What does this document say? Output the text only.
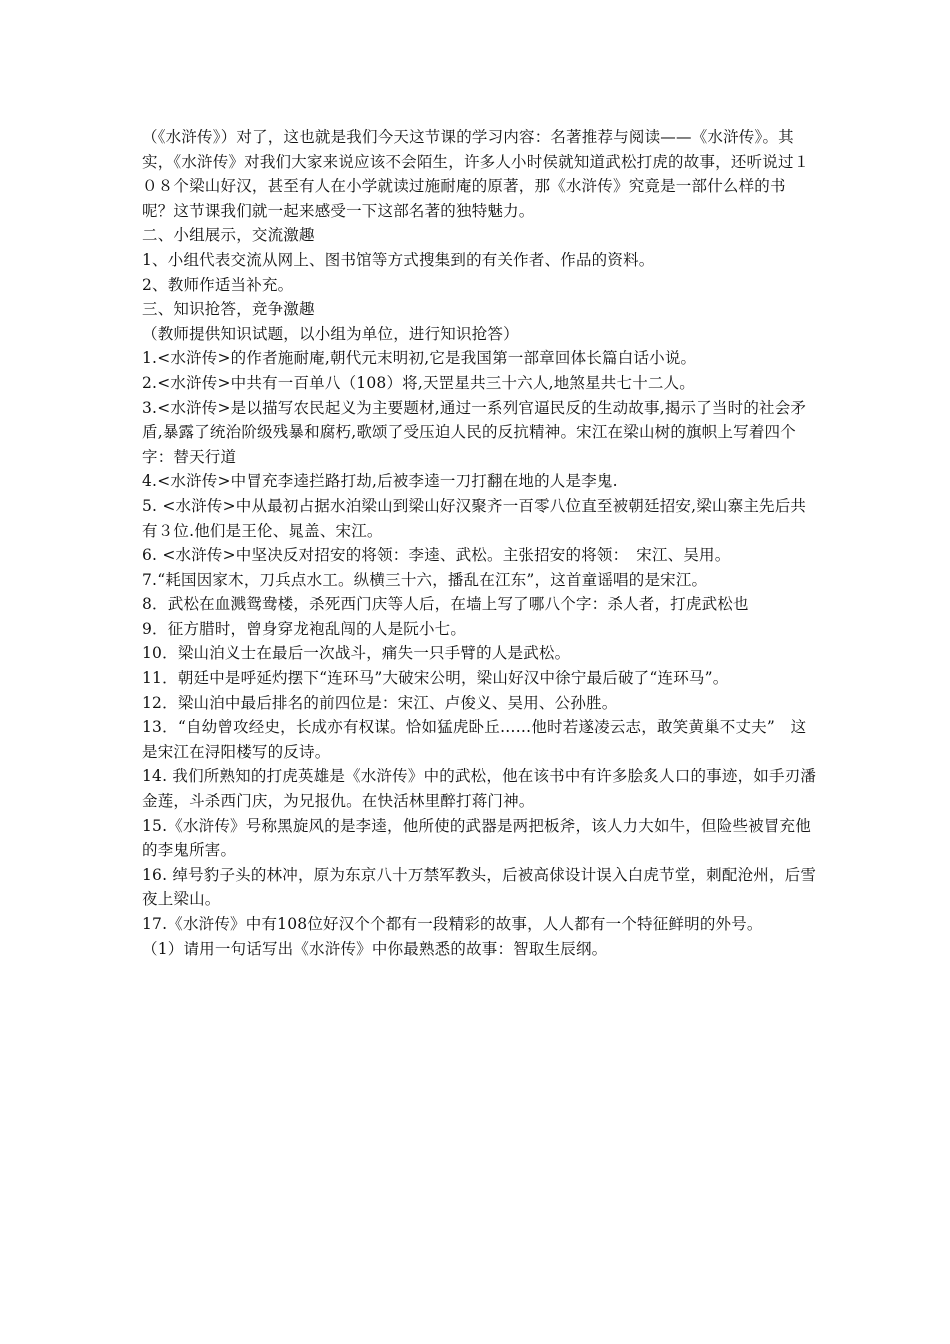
（《水浒传》）对了，这也就是我们今天这节课的学习内容：名著推荐与阅读——《水浒传》。其实，《水浒传》对我们大家来说应该不会陌生，许多人小时侯就知道武松打虎的故事，还听说过１０８个梁山好汉，甚至有人在小学就读过施耐庵的原著，那《水浒传》究竟是一部什么样的书呢？这节课我们就一起来感受一下这部名著的独特魅力。

二、小组展示，交流激趣

1、小组代表交流从网上、图书馆等方式搜集到的有关作者、作品的资料。

2、教师作适当补充。

三、知识抢答，竞争激趣

（教师提供知识试题，以小组为单位，进行知识抢答）

1.<水浒传>的作者施耐庵,朝代元末明初,它是我国第一部章回体长篇白话小说。

2.<水浒传>中共有一百单八（108）将,天罡星共三十六人,地煞星共七十二人。

3.<水浒传>是以描写农民起义为主要题材,通过一系列官逼民反的生动故事,揭示了当时的社会矛盾,暴露了统治阶级残暴和腐朽,歌颂了受压迫人民的反抗精神。宋江在梁山树的旗帜上写着四个字：替天行道

4.<水浒传>中冒充李逵拦路打劫,后被李逵一刀打翻在地的人是李鬼.

5. <水浒传>中从最初占据水泊梁山到梁山好汉聚齐一百零八位直至被朝廷招安,梁山寨主先后共有３位.他们是王伦、晁盖、宋江。

6. <水浒传>中坚决反对招安的将领：李逵、武松。主张招安的将领：　宋江、吴用。

7.“耗国因家木，刀兵点水工。纵横三十六，播乱在江东”，这首童谣唱的是宋江。

8．武松在血溅鸳鸯楼，杀死西门庆等人后，在墙上写了哪八个字：杀人者，打虎武松也

9．征方腊时，曾身穿龙袍乱闯的人是阮小七。

10．梁山泊义士在最后一次战斗，痛失一只手臂的人是武松。

11．朝廷中是呼延灼摆下“连环马”大破宋公明，梁山好汉中徐宁最后破了“连环马”。

12．梁山泊中最后排名的前四位是：宋江、卢俊义、吴用、公孙胜。

13．“自幼曾攻经史，长成亦有权谋。恰如猛虎卧丘……他时若遂凌云志，敢笑黄巢不丈夫”　这是宋江在浔阳楼写的反诗。

14. 我们所熟知的打虎英雄是《水浒传》中的武松，他在该书中有许多脍炙人口的事迹，如手刃潘金莲，斗杀西门庆，为兄报仇。在快活林里醉打蒋门神。

15.《水浒传》号称黑旋风的是李逵，他所使的武器是两把板斧，该人力大如牛，但险些被冒充他的李鬼所害。

16. 绰号豹子头的林冲，原为东京八十万禁军教头，后被高俅设计误入白虎节堂，刺配沧州，后雪夜上梁山。

17.《水浒传》中有108位好汉个个都有一段精彩的故事，人人都有一个特征鲜明的外号。

（1）请用一句话写出《水浒传》中你最熟悉的故事：智取生辰纲。
